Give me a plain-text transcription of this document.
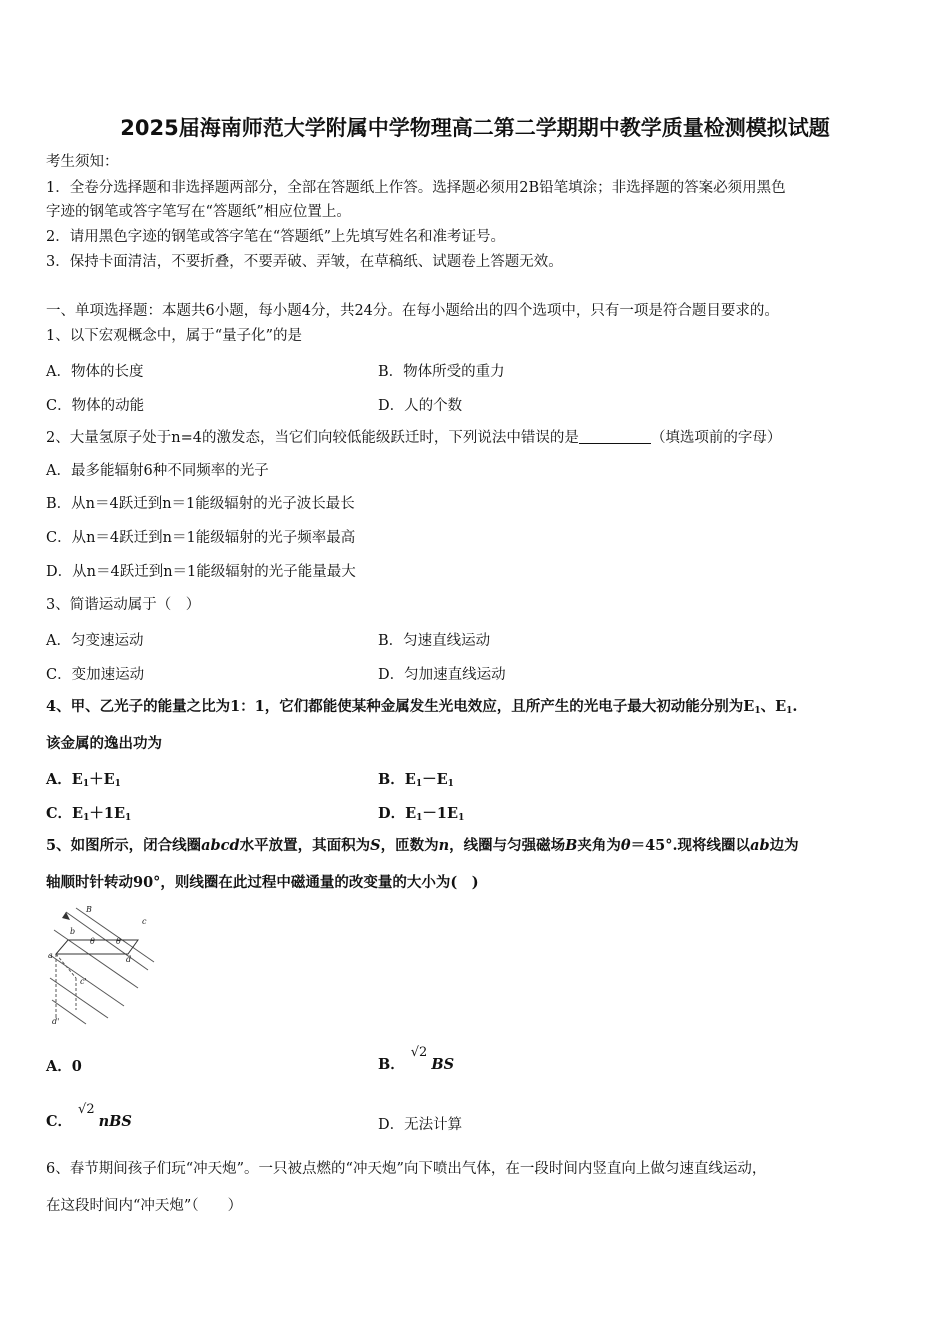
2025届海南师范大学附属中学物理高二第二学期期中教学质量检测模拟试题
考生须知：
1．全卷分选择题和非选择题两部分，全部在答题纸上作答。选择题必须用2B铅笔填涂；非选择题的答案必须用黑色
字迹的钢笔或答字笔写在“答题纸”相应位置上。
2．请用黑色字迹的钢笔或答字笔在“答题纸”上先填写姓名和准考证号。
3．保持卡面清洁，不要折叠，不要弄破、弄皱，在草稿纸、试题卷上答题无效。
一、单项选择题：本题共6小题，每小题4分，共24分。在每小题给出的四个选项中，只有一项是符合题目要求的。
1、以下宏观概念中，属于“量子化”的是
A．物体的长度	B．物体所受的重力
C．物体的动能	D．人的个数
2、大量氢原子处于n=4的激发态，当它们向较低能级跃迁时，下列说法中错误的是	（填选项前的字母）
A．最多能辐射6种不同频率的光子
B．从n＝4跃迁到n＝1能级辐射的光子波长最长
C．从n＝4跃迁到n＝1能级辐射的光子频率最高
D．从n＝4跃迁到n＝1能级辐射的光子能量最大
3、简谐运动属于（　）
A．匀变速运动	B．匀速直线运动
C．变加速运动	D．匀加速直线运动
4、甲、乙光子的能量之比为1：1，它们都能使某种金属发生光电效应，且所产生的光电子最大初动能分别为$E_1$、$E_1$.
该金属的逸出功为
A．$E_1+E_1$	B．$E_1-E_1$
C．$E_1+1E_1$	D．$E_1-1E_1$
5、如图所示，闭合线圈abcd水平放置，其面积为S，匝数为n，线圈与匀强磁场B夹角为θ＝45°.现将线圈以ab边为
轴顺时针转动90°，则线圈在此过程中磁通量的改变量的大小为(　)
B
b
a
c
d
θ	θ
c'
d'
A．0	B．√2BS
C．√2nBS	D．无法计算
6、春节期间孩子们玩“冲天炮”。一只被点燃的“冲天炮”向下喷出气体，在一段时间内竖直向上做匀速直线运动，
在这段时间内“冲天炮”（　　）
